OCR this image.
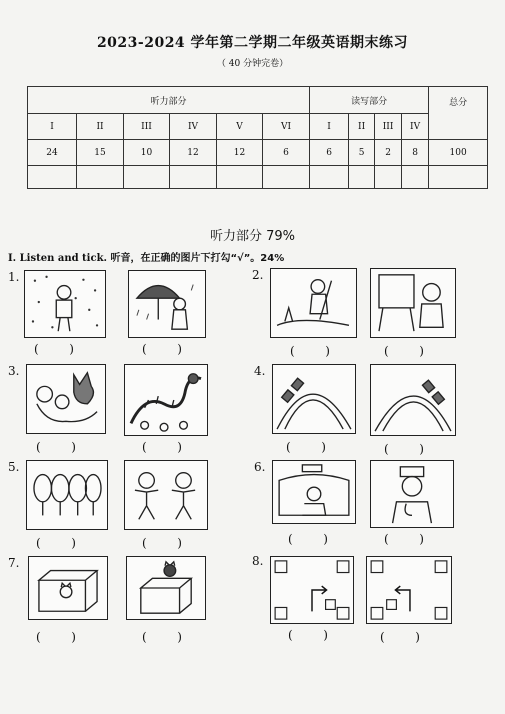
2023-2024 学年第二学期二年级英语期末练习
（ 40 分钟完卷）
听力部分						读写部分				总分
I	II	III	IV	V	VI	I	II	III	IV	
24	15	10	12	12	6	6	5	2	8	100

听力部分 79%
I. Listen and tick. 听音，在正确的图片下打勾“√”。24%
1.
(        )	(        )
2.
(        )	(        )
3.
(        )	(        )
4.
(        )	(        )
5.
(        )	(        )
6.
(        )	(        )
7.
(        )	(        )
8.
(        )	(        )
